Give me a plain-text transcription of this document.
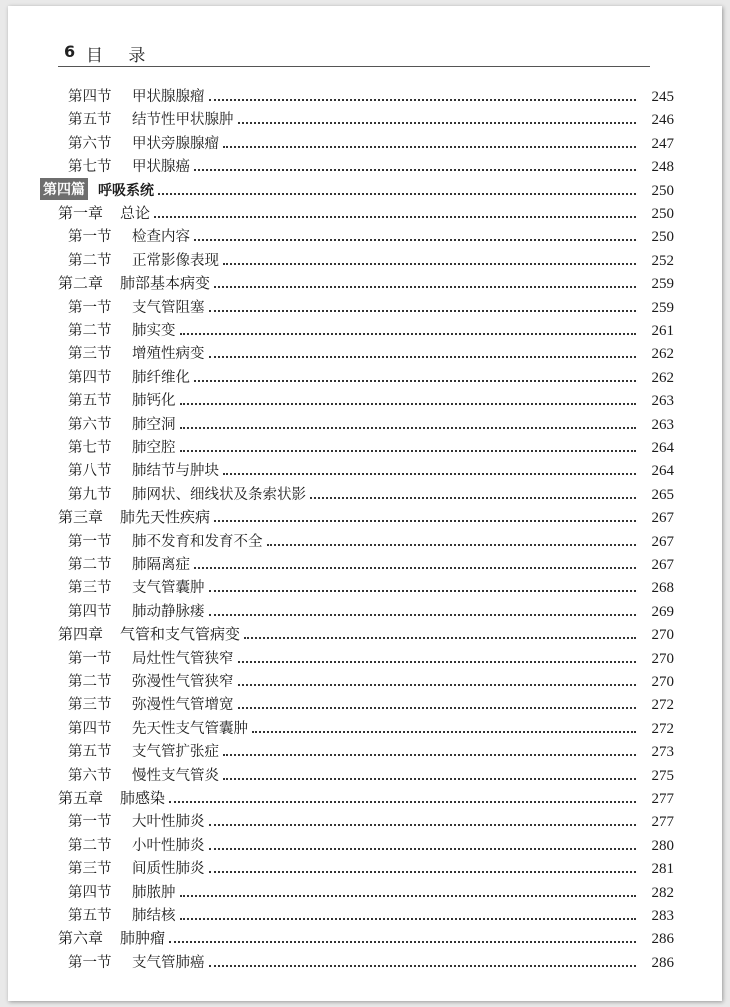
6 目 录
第四节	甲状腺腺瘤	245
第五节	结节性甲状腺肿	246
第六节	甲状旁腺腺瘤	247
第七节	甲状腺癌	248
第四篇 呼吸系统	250
第一章	总论	250
第一节	检查内容	250
第二节	正常影像表现	252
第二章	肺部基本病变	259
第一节	支气管阻塞	259
第二节	肺实变	261
第三节	增殖性病变	262
第四节	肺纤维化	262
第五节	肺钙化	263
第六节	肺空洞	263
第七节	肺空腔	264
第八节	肺结节与肿块	264
第九节	肺网状、细线状及条索状影	265
第三章	肺先天性疾病	267
第一节	肺不发育和发育不全	267
第二节	肺隔离症	267
第三节	支气管囊肿	268
第四节	肺动静脉瘘	269
第四章	气管和支气管病变	270
第一节	局灶性气管狭窄	270
第二节	弥漫性气管狭窄	270
第三节	弥漫性气管增宽	272
第四节	先天性支气管囊肿	272
第五节	支气管扩张症	273
第六节	慢性支气管炎	275
第五章	肺感染	277
第一节	大叶性肺炎	277
第二节	小叶性肺炎	280
第三节	间质性肺炎	281
第四节	肺脓肿	282
第五节	肺结核	283
第六章	肺肿瘤	286
第一节	支气管肺癌	286
